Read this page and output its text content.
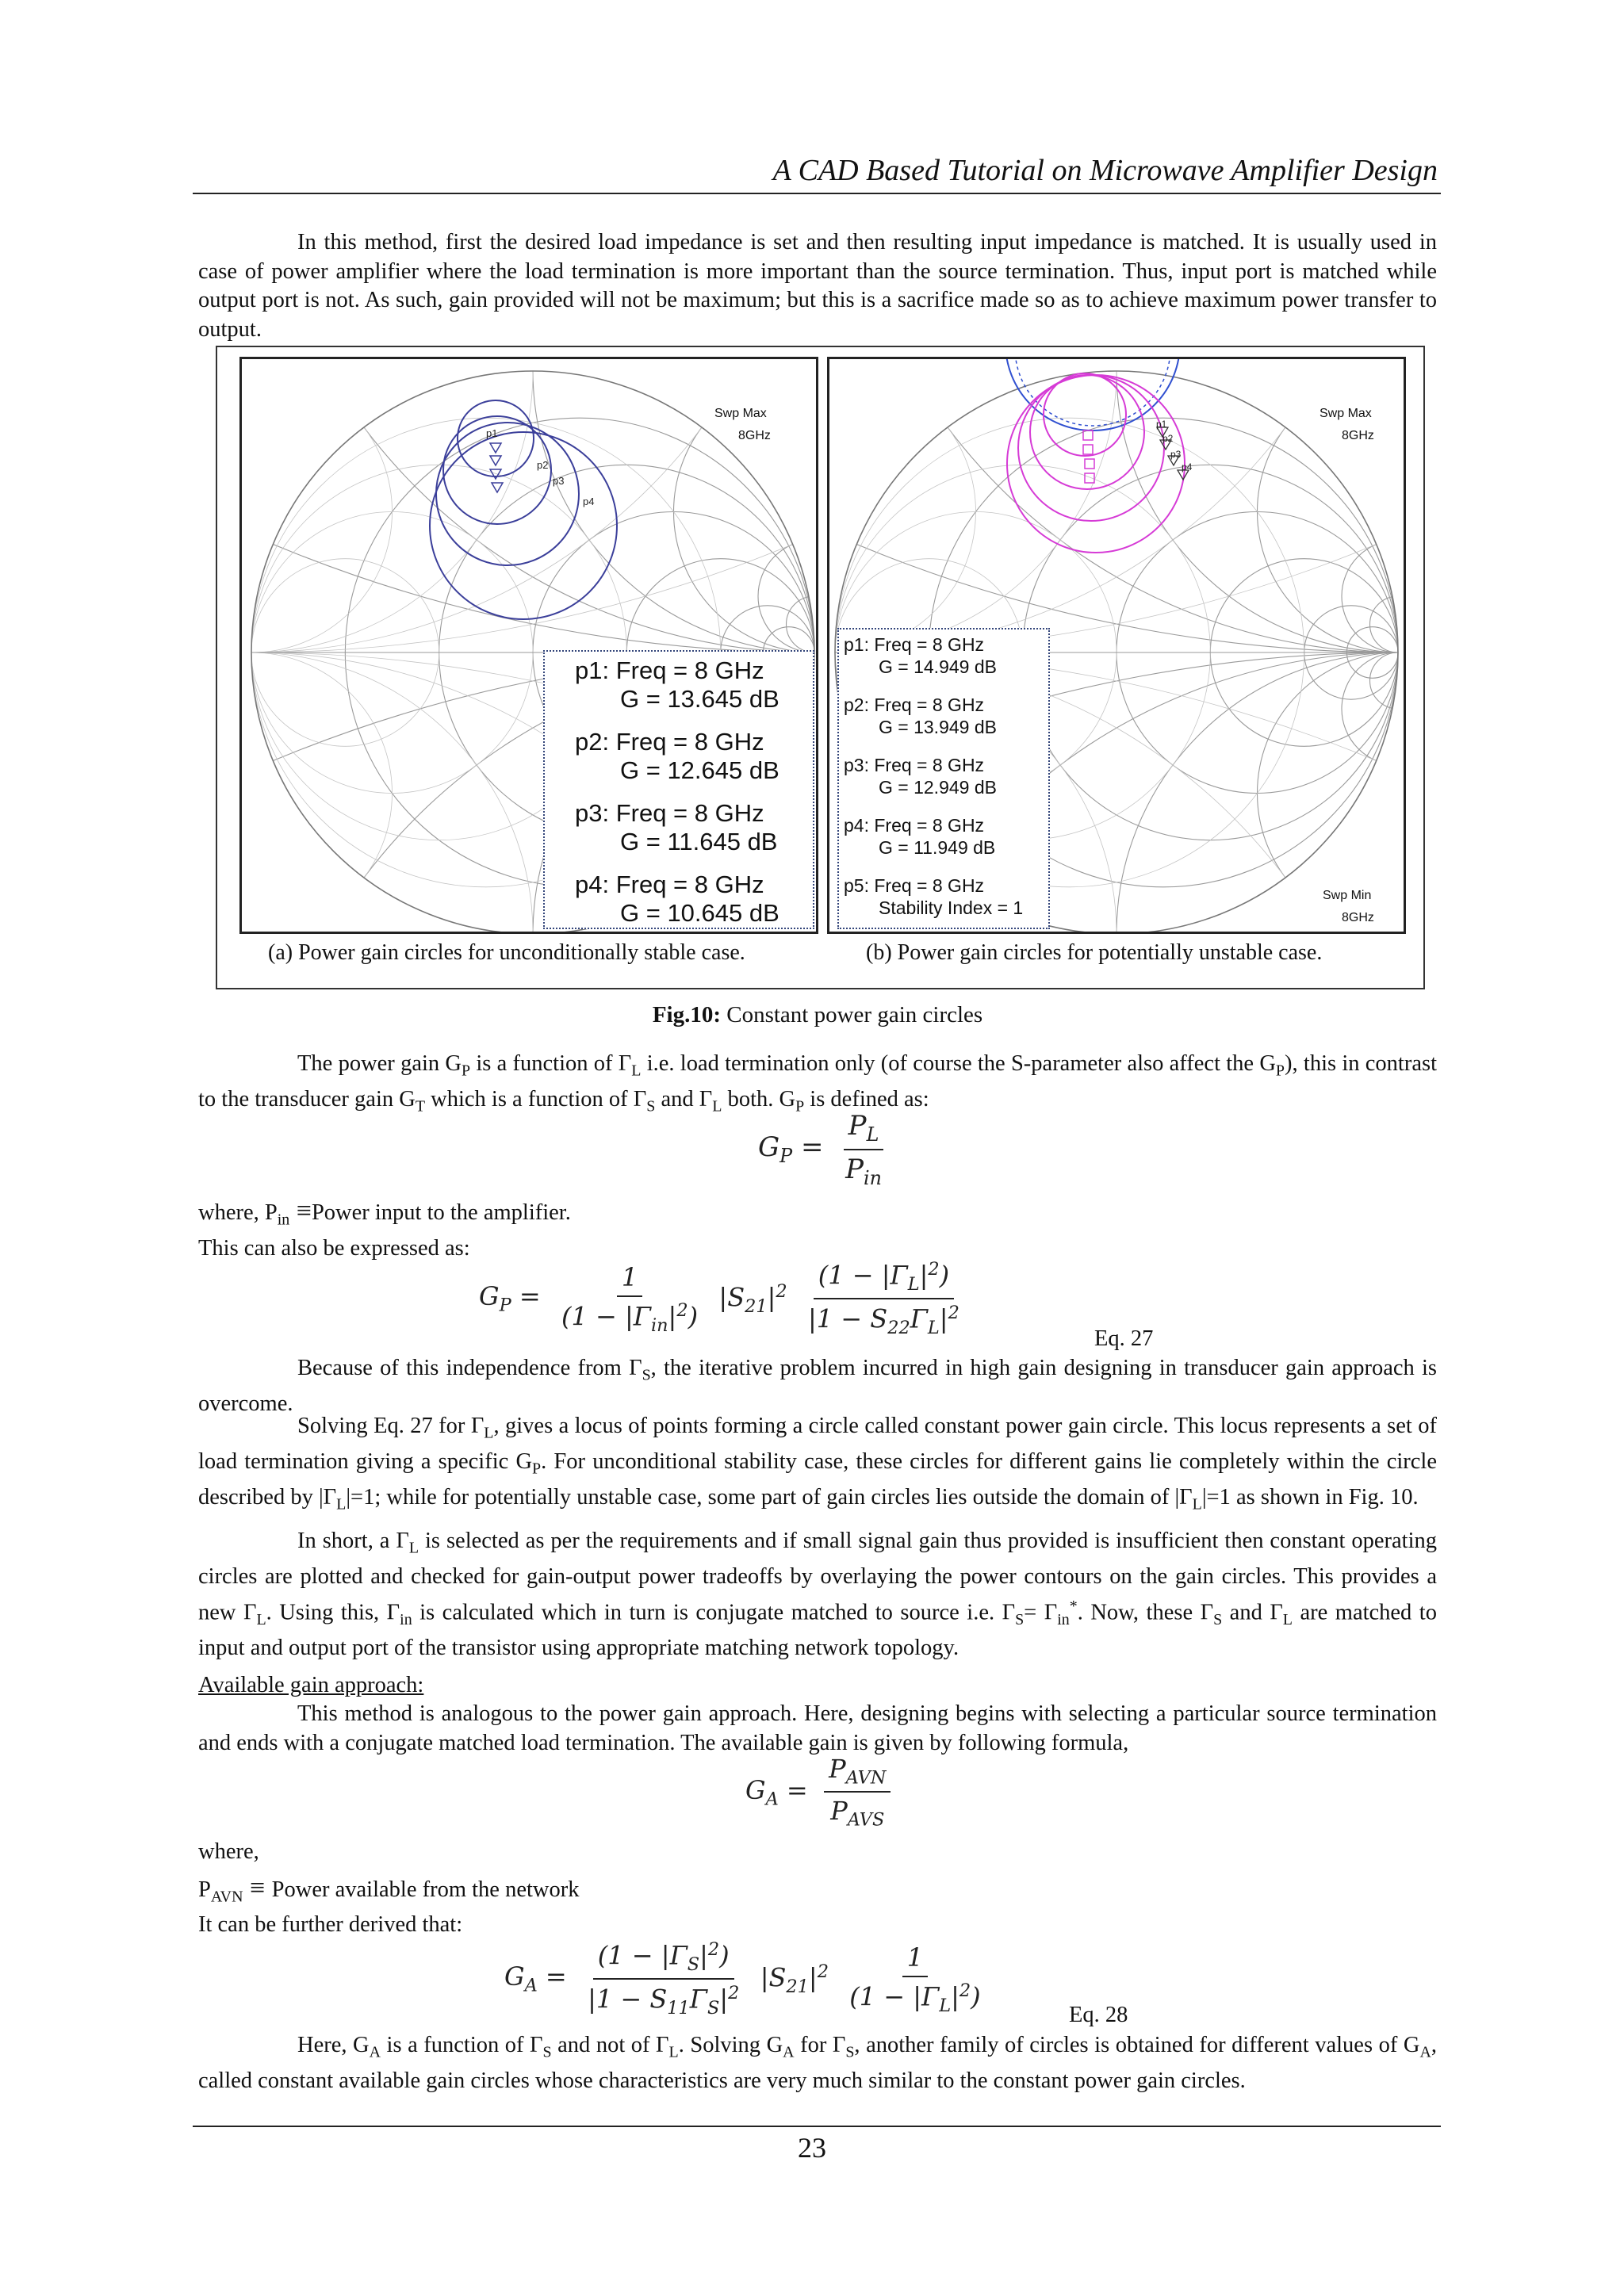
A CAD Based Tutorial on Microwave Amplifier Design

In this method, first the desired load impedance is set and then resulting input impedance is matched. It is usually used in case of power amplifier where the load termination is more important than the source termination. Thus, input port is matched while output port is not. As such, gain provided will not be maximum; but this is a sacrifice made so as to achieve maximum power transfer to output.

p1
p2
p3
p4
Swp Max
8GHz
p1: Freq = 8 GHz
G = 13.645 dB
p2: Freq = 8 GHz
G = 12.645 dB
p3: Freq = 8 GHz
G = 11.645 dB
p4: Freq = 8 GHz
G = 10.645 dB
p1
p2
p3
p4
Swp Max
8GHz
Swp Min
8GHz
p1: Freq = 8 GHz
G = 14.949 dB
p2: Freq = 8 GHz
G = 13.949 dB
p3: Freq = 8 GHz
G = 12.949 dB
p4: Freq = 8 GHz
G = 11.949 dB
p5: Freq = 8 GHz
Stability Index = 1
(a) Power gain circles for unconditionally stable case.	(b) Power gain circles for potentially unstable case.
Fig.10: Constant power gain circles

The power gain $G_P$ is a function of $\Gamma_L$ i.e. load termination only (of course the S-parameter also affect the $G_P$), this in contrast to the transducer gain $G_T$ which is a function of $\Gamma_S$ and $\Gamma_L$ both. $G_P$ is defined as:

$G_P = \frac{P_L}{P_{in}}$

where, $P_{in}$ ≡Power input to the amplifier.

This can also be expressed as:

$G_P = \frac{1}{(1 - |\Gamma_{in}|^2)} |S_{21}|^2 \frac{(1 - |\Gamma_L|^2)}{|1 - S_{22}\Gamma_L|^2}$
Eq. 27

Because of this independence from $\Gamma_S$, the iterative problem incurred in high gain designing in transducer gain approach is overcome.

Solving Eq. 27 for $\Gamma_L$, gives a locus of points forming a circle called constant power gain circle. This locus represents a set of load termination giving a specific $G_P$. For unconditional stability case, these circles for different gains lie completely within the circle described by $|\Gamma_L|=1$; while for potentially unstable case, some part of gain circles lies outside the domain of $|\Gamma_L|=1$ as shown in Fig. 10.

In short, a $\Gamma_L$ is selected as per the requirements and if small signal gain thus provided is insufficient then constant operating circles are plotted and checked for gain-output power tradeoffs by overlaying the power contours on the gain circles. This provides a new $\Gamma_L$. Using this, $\Gamma_{in}$ is calculated which in turn is conjugate matched to source i.e. $\Gamma_S= \Gamma_{in}^*$. Now, these $\Gamma_S$ and $\Gamma_L$ are matched to input and output port of the transistor using appropriate matching network topology.

Available gain approach:

This method is analogous to the power gain approach. Here, designing begins with selecting a particular source termination and ends with a conjugate matched load termination. The available gain is given by following formula,

$G_A = \frac{P_{AVN}}{P_{AVS}}$

where,

$P_{AVN}$ ≡ Power available from the network

It can be further derived that:

$G_A = \frac{(1 - |\Gamma_S|^2)}{|1 - S_{11}\Gamma_S|^2} |S_{21}|^2 \frac{1}{(1 - |\Gamma_L|^2)}$	Eq. 28

Here, $G_A$ is a function of $\Gamma_S$ and not of $\Gamma_L$. Solving $G_A$ for $\Gamma_S$, another family of circles is obtained for different values of $G_A$, called constant available gain circles whose characteristics are very much similar to the constant power gain circles.

23
